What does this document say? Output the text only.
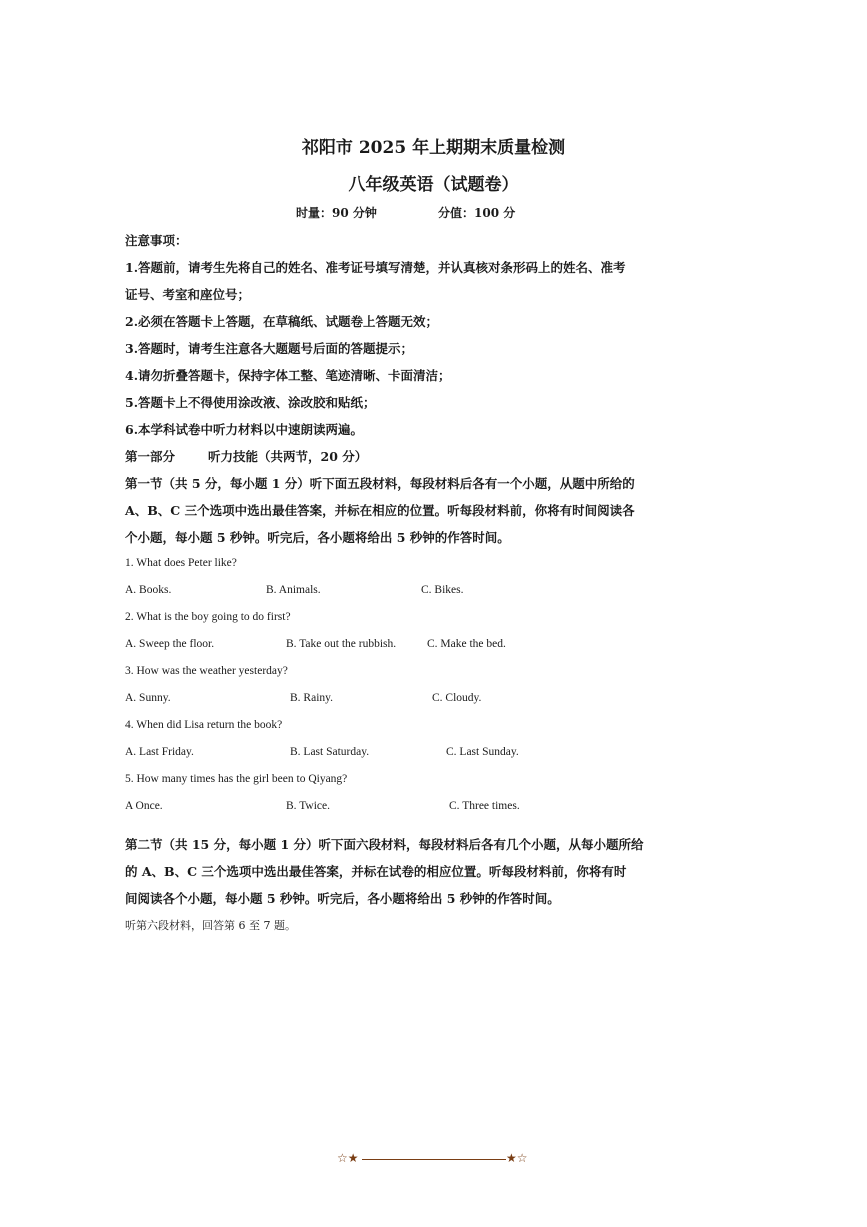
祁阳市 2025 年上期期末质量检测
八年级英语（试题卷）
时量：90 分钟	分值：100 分
注意事项：
1.答题前，请考生先将自己的姓名、准考证号填写清楚，并认真核对条形码上的姓名、准考
证号、考室和座位号；
2.必须在答题卡上答题，在草稿纸、试题卷上答题无效；
3.答题时，请考生注意各大题题号后面的答题提示；
4.请勿折叠答题卡，保持字体工整、笔迹清晰、卡面清洁；
5.答题卡上不得使用涂改液、涂改胶和贴纸；
6.本学科试卷中听力材料以中速朗读两遍。
第一部分	听力技能（共两节，20 分）
第一节（共 5 分，每小题 1 分）听下面五段材料，每段材料后各有一个小题，从题中所给的
A、B、C 三个选项中选出最佳答案，并标在相应的位置。听每段材料前，你将有时间阅读各
个小题，每小题 5 秒钟。听完后，各小题将给出 5 秒钟的作答时间。
1. What does Peter like?
A. Books.	B. Animals.	C. Bikes.
2. What is the boy going to do first?
A. Sweep the floor.	B. Take out the rubbish.	C. Make the bed.
3. How was the weather yesterday?
A. Sunny.	B. Rainy.	C. Cloudy.
4. When did Lisa return the book?
A. Last Friday.	B. Last Saturday.	C. Last Sunday.
5. How many times has the girl been to Qiyang?
A Once.	B. Twice.	C. Three times.
第二节（共 15 分，每小题 1 分）听下面六段材料，每段材料后各有几个小题，从每小题所给
的 A、B、C 三个选项中选出最佳答案，并标在试卷的相应位置。听每段材料前，你将有时
间阅读各个小题，每小题 5 秒钟。听完后，各小题将给出 5 秒钟的作答时间。
听第六段材料，回答第 6 至 7 题。
☆★	★☆
